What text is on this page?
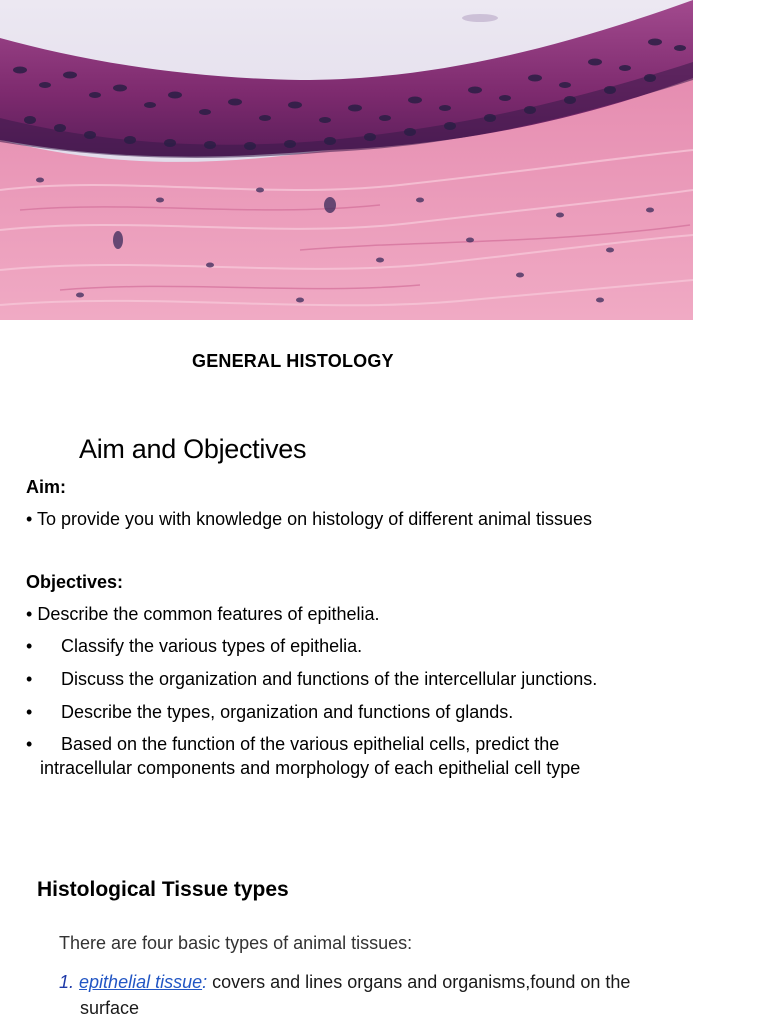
GENERAL HISTOLOGY
Aim and Objectives
Aim:
• To provide you with knowledge on histology of different animal tissues
Objectives:
• Describe the common features of epithelia.
• Classify the various types of epithelia.
• Discuss the organization and functions of the intercellular junctions.
• Describe the types, organization and functions of glands.
• Based on the function of the various epithelial cells, predict the
intracellular components and morphology of each epithelial cell type
Histological Tissue types
There are four basic types of animal tissues:
1. epithelial tissue: covers and lines organs and organisms,found on the
surface
